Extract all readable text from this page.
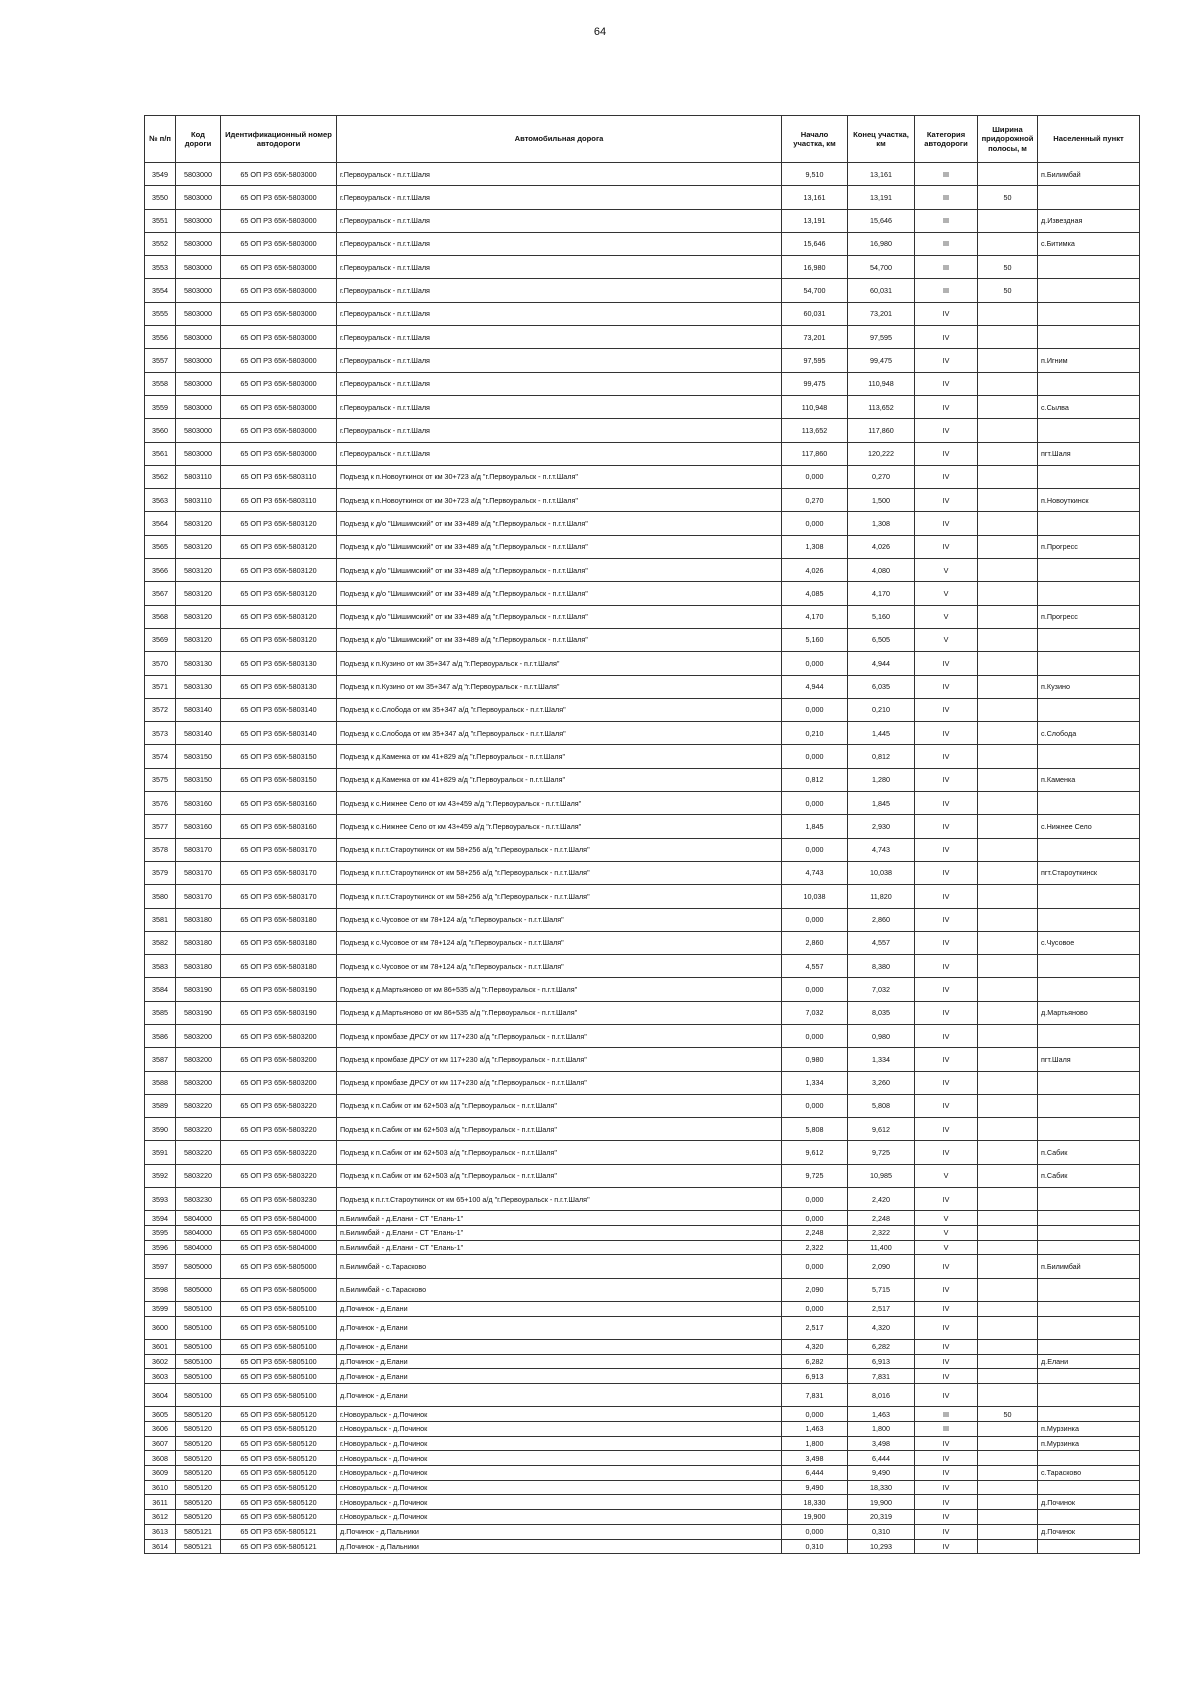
64
№ п/п	Код дороги	Идентификационный номер автодороги	Автомобильная дорога	Начало участка, км	Конец участка, км	Категория автодороги	Ширина придорожной полосы, м	Населенный пункт
3549	5803000	65 ОП РЗ 65К-5803000	г.Первоуральск - п.г.т.Шаля	9,510	13,161	III		п.Билимбай
3550	5803000	65 ОП РЗ 65К-5803000	г.Первоуральск - п.г.т.Шаля	13,161	13,191	III	50	
3551	5803000	65 ОП РЗ 65К-5803000	г.Первоуральск - п.г.т.Шаля	13,191	15,646	III		д.Извездная
3552	5803000	65 ОП РЗ 65К-5803000	г.Первоуральск - п.г.т.Шаля	15,646	16,980	III		с.Битимка
3553	5803000	65 ОП РЗ 65К-5803000	г.Первоуральск - п.г.т.Шаля	16,980	54,700	III	50	
3554	5803000	65 ОП РЗ 65К-5803000	г.Первоуральск - п.г.т.Шаля	54,700	60,031	III	50	
3555	5803000	65 ОП РЗ 65К-5803000	г.Первоуральск - п.г.т.Шаля	60,031	73,201	IV		
3556	5803000	65 ОП РЗ 65К-5803000	г.Первоуральск - п.г.т.Шаля	73,201	97,595	IV		
3557	5803000	65 ОП РЗ 65К-5803000	г.Первоуральск - п.г.т.Шаля	97,595	99,475	IV		п.Игним
3558	5803000	65 ОП РЗ 65К-5803000	г.Первоуральск - п.г.т.Шаля	99,475	110,948	IV		
3559	5803000	65 ОП РЗ 65К-5803000	г.Первоуральск - п.г.т.Шаля	110,948	113,652	IV		с.Сылва
3560	5803000	65 ОП РЗ 65К-5803000	г.Первоуральск - п.г.т.Шаля	113,652	117,860	IV		
3561	5803000	65 ОП РЗ 65К-5803000	г.Первоуральск - п.г.т.Шаля	117,860	120,222	IV		пгт.Шаля
3562	5803110	65 ОП РЗ 65К-5803110	Подъезд к п.Новоуткинск от км 30+723 а/д "г.Первоуральск - п.г.т.Шаля"	0,000	0,270	IV		
3563	5803110	65 ОП РЗ 65К-5803110	Подъезд к п.Новоуткинск от км 30+723 а/д "г.Первоуральск - п.г.т.Шаля"	0,270	1,500	IV		п.Новоуткинск
3564	5803120	65 ОП РЗ 65К-5803120	Подъезд к д/о "Шишимский" от км 33+489 а/д "г.Первоуральск - п.г.т.Шаля"	0,000	1,308	IV		
3565	5803120	65 ОП РЗ 65К-5803120	Подъезд к д/о "Шишимский" от км 33+489 а/д "г.Первоуральск - п.г.т.Шаля"	1,308	4,026	IV		п.Прогресс
3566	5803120	65 ОП РЗ 65К-5803120	Подъезд к д/о "Шишимский" от км 33+489 а/д "г.Первоуральск - п.г.т.Шаля"	4,026	4,080	V		
3567	5803120	65 ОП РЗ 65К-5803120	Подъезд к д/о "Шишимский" от км 33+489 а/д "г.Первоуральск - п.г.т.Шаля"	4,085	4,170	V		
3568	5803120	65 ОП РЗ 65К-5803120	Подъезд к д/о "Шишимский" от км 33+489 а/д "г.Первоуральск - п.г.т.Шаля"	4,170	5,160	V		п.Прогресс
3569	5803120	65 ОП РЗ 65К-5803120	Подъезд к д/о "Шишимский" от км 33+489 а/д "г.Первоуральск - п.г.т.Шаля"	5,160	6,505	V		
3570	5803130	65 ОП РЗ 65К-5803130	Подъезд к п.Кузино от км 35+347 а/д "г.Первоуральск - п.г.т.Шаля"	0,000	4,944	IV		
3571	5803130	65 ОП РЗ 65К-5803130	Подъезд к п.Кузино от км 35+347 а/д "г.Первоуральск - п.г.т.Шаля"	4,944	6,035	IV		п.Кузино
3572	5803140	65 ОП РЗ 65К-5803140	Подъезд к с.Слобода от км 35+347 а/д "г.Первоуральск - п.г.т.Шаля"	0,000	0,210	IV		
3573	5803140	65 ОП РЗ 65К-5803140	Подъезд к с.Слобода от км 35+347 а/д "г.Первоуральск - п.г.т.Шаля"	0,210	1,445	IV		с.Слобода
3574	5803150	65 ОП РЗ 65К-5803150	Подъезд к д.Каменка от км 41+829 а/д "г.Первоуральск - п.г.т.Шаля"	0,000	0,812	IV		
3575	5803150	65 ОП РЗ 65К-5803150	Подъезд к д.Каменка от км 41+829 а/д "г.Первоуральск - п.г.т.Шаля"	0,812	1,280	IV		п.Каменка
3576	5803160	65 ОП РЗ 65К-5803160	Подъезд к с.Нижнее Село от км 43+459 а/д "г.Первоуральск - п.г.т.Шаля"	0,000	1,845	IV		
3577	5803160	65 ОП РЗ 65К-5803160	Подъезд к с.Нижнее Село от км 43+459 а/д "г.Первоуральск - п.г.т.Шаля"	1,845	2,930	IV		с.Нижнее Село
3578	5803170	65 ОП РЗ 65К-5803170	Подъезд к п.г.т.Староуткинск от км 58+256 а/д "г.Первоуральск - п.г.т.Шаля"	0,000	4,743	IV		
3579	5803170	65 ОП РЗ 65К-5803170	Подъезд к п.г.т.Староуткинск от км 58+256 а/д "г.Первоуральск - п.г.т.Шаля"	4,743	10,038	IV		пгт.Староуткинск
3580	5803170	65 ОП РЗ 65К-5803170	Подъезд к п.г.т.Староуткинск от км 58+256 а/д "г.Первоуральск - п.г.т.Шаля"	10,038	11,820	IV		
3581	5803180	65 ОП РЗ 65К-5803180	Подъезд к с.Чусовое от км 78+124 а/д "г.Первоуральск - п.г.т.Шаля"	0,000	2,860	IV		
3582	5803180	65 ОП РЗ 65К-5803180	Подъезд к с.Чусовое от км 78+124 а/д "г.Первоуральск - п.г.т.Шаля"	2,860	4,557	IV		с.Чусовое
3583	5803180	65 ОП РЗ 65К-5803180	Подъезд к с.Чусовое от км 78+124 а/д "г.Первоуральск - п.г.т.Шаля"	4,557	8,380	IV		
3584	5803190	65 ОП РЗ 65К-5803190	Подъезд к д.Мартьяново от км 86+535 а/д "г.Первоуральск - п.г.т.Шаля"	0,000	7,032	IV		
3585	5803190	65 ОП РЗ 65К-5803190	Подъезд к д.Мартьяново от км 86+535 а/д "г.Первоуральск - п.г.т.Шаля"	7,032	8,035	IV		д.Мартьяново
3586	5803200	65 ОП РЗ 65К-5803200	Подъезд к промбазе ДРСУ от км 117+230 а/д "г.Первоуральск - п.г.т.Шаля"	0,000	0,980	IV		
3587	5803200	65 ОП РЗ 65К-5803200	Подъезд к промбазе ДРСУ от км 117+230 а/д "г.Первоуральск - п.г.т.Шаля"	0,980	1,334	IV		пгт.Шаля
3588	5803200	65 ОП РЗ 65К-5803200	Подъезд к промбазе ДРСУ от км 117+230 а/д "г.Первоуральск - п.г.т.Шаля"	1,334	3,260	IV		
3589	5803220	65 ОП РЗ 65К-5803220	Подъезд к п.Сабик от км 62+503 а/д "г.Первоуральск - п.г.т.Шаля"	0,000	5,808	IV		
3590	5803220	65 ОП РЗ 65К-5803220	Подъезд к п.Сабик от км 62+503 а/д "г.Первоуральск - п.г.т.Шаля"	5,808	9,612	IV		
3591	5803220	65 ОП РЗ 65К-5803220	Подъезд к п.Сабик от км 62+503 а/д "г.Первоуральск - п.г.т.Шаля"	9,612	9,725	IV		п.Сабик
3592	5803220	65 ОП РЗ 65К-5803220	Подъезд к п.Сабик от км 62+503 а/д "г.Первоуральск - п.г.т.Шаля"	9,725	10,985	V		п.Сабик
3593	5803230	65 ОП РЗ 65К-5803230	Подъезд к п.г.т.Староуткинск от км 65+100 а/д "г.Первоуральск - п.г.т.Шаля"	0,000	2,420	IV		
3594	5804000	65 ОП РЗ 65К-5804000	п.Билимбай - д.Елани - СТ "Елань-1"	0,000	2,248	V		
3595	5804000	65 ОП РЗ 65К-5804000	п.Билимбай - д.Елани - СТ "Елань-1"	2,248	2,322	V		
3596	5804000	65 ОП РЗ 65К-5804000	п.Билимбай - д.Елани - СТ "Елань-1"	2,322	11,400	V		
3597	5805000	65 ОП РЗ 65К-5805000	п.Билимбай - с.Тараскoво	0,000	2,090	IV		п.Билимбай
3598	5805000	65 ОП РЗ 65К-5805000	п.Билимбай - с.Тараскoво	2,090	5,715	IV		
3599	5805100	65 ОП РЗ 65К-5805100	д.Починок - д.Елани	0,000	2,517	IV		
3600	5805100	65 ОП РЗ 65К-5805100	д.Починок - д.Елани	2,517	4,320	IV		
3601	5805100	65 ОП РЗ 65К-5805100	д.Починок - д.Елани	4,320	6,282	IV		
3602	5805100	65 ОП РЗ 65К-5805100	д.Починок - д.Елани	6,282	6,913	IV		д.Елани
3603	5805100	65 ОП РЗ 65К-5805100	д.Починок - д.Елани	6,913	7,831	IV		
3604	5805100	65 ОП РЗ 65К-5805100	д.Починок - д.Елани	7,831	8,016	IV		
3605	5805120	65 ОП РЗ 65К-5805120	г.Новоуральск - д.Починок	0,000	1,463	III	50	
3606	5805120	65 ОП РЗ 65К-5805120	г.Новоуральск - д.Починок	1,463	1,800	III		п.Мурзинка
3607	5805120	65 ОП РЗ 65К-5805120	г.Новоуральск - д.Починок	1,800	3,498	IV		п.Мурзинка
3608	5805120	65 ОП РЗ 65К-5805120	г.Новоуральск - д.Починок	3,498	6,444	IV		
3609	5805120	65 ОП РЗ 65К-5805120	г.Новоуральск - д.Починок	6,444	9,490	IV		с.Тараскoво
3610	5805120	65 ОП РЗ 65К-5805120	г.Новоуральск - д.Починок	9,490	18,330	IV		
3611	5805120	65 ОП РЗ 65К-5805120	г.Новоуральск - д.Починок	18,330	19,900	IV		д.Починок
3612	5805120	65 ОП РЗ 65К-5805120	г.Новоуральск - д.Починок	19,900	20,319	IV		
3613	5805121	65 ОП РЗ 65К-5805121	д.Починок - д.Пальники	0,000	0,310	IV		д.Починок
3614	5805121	65 ОП РЗ 65К-5805121	д.Починок - д.Пальники	0,310	10,293	IV		
